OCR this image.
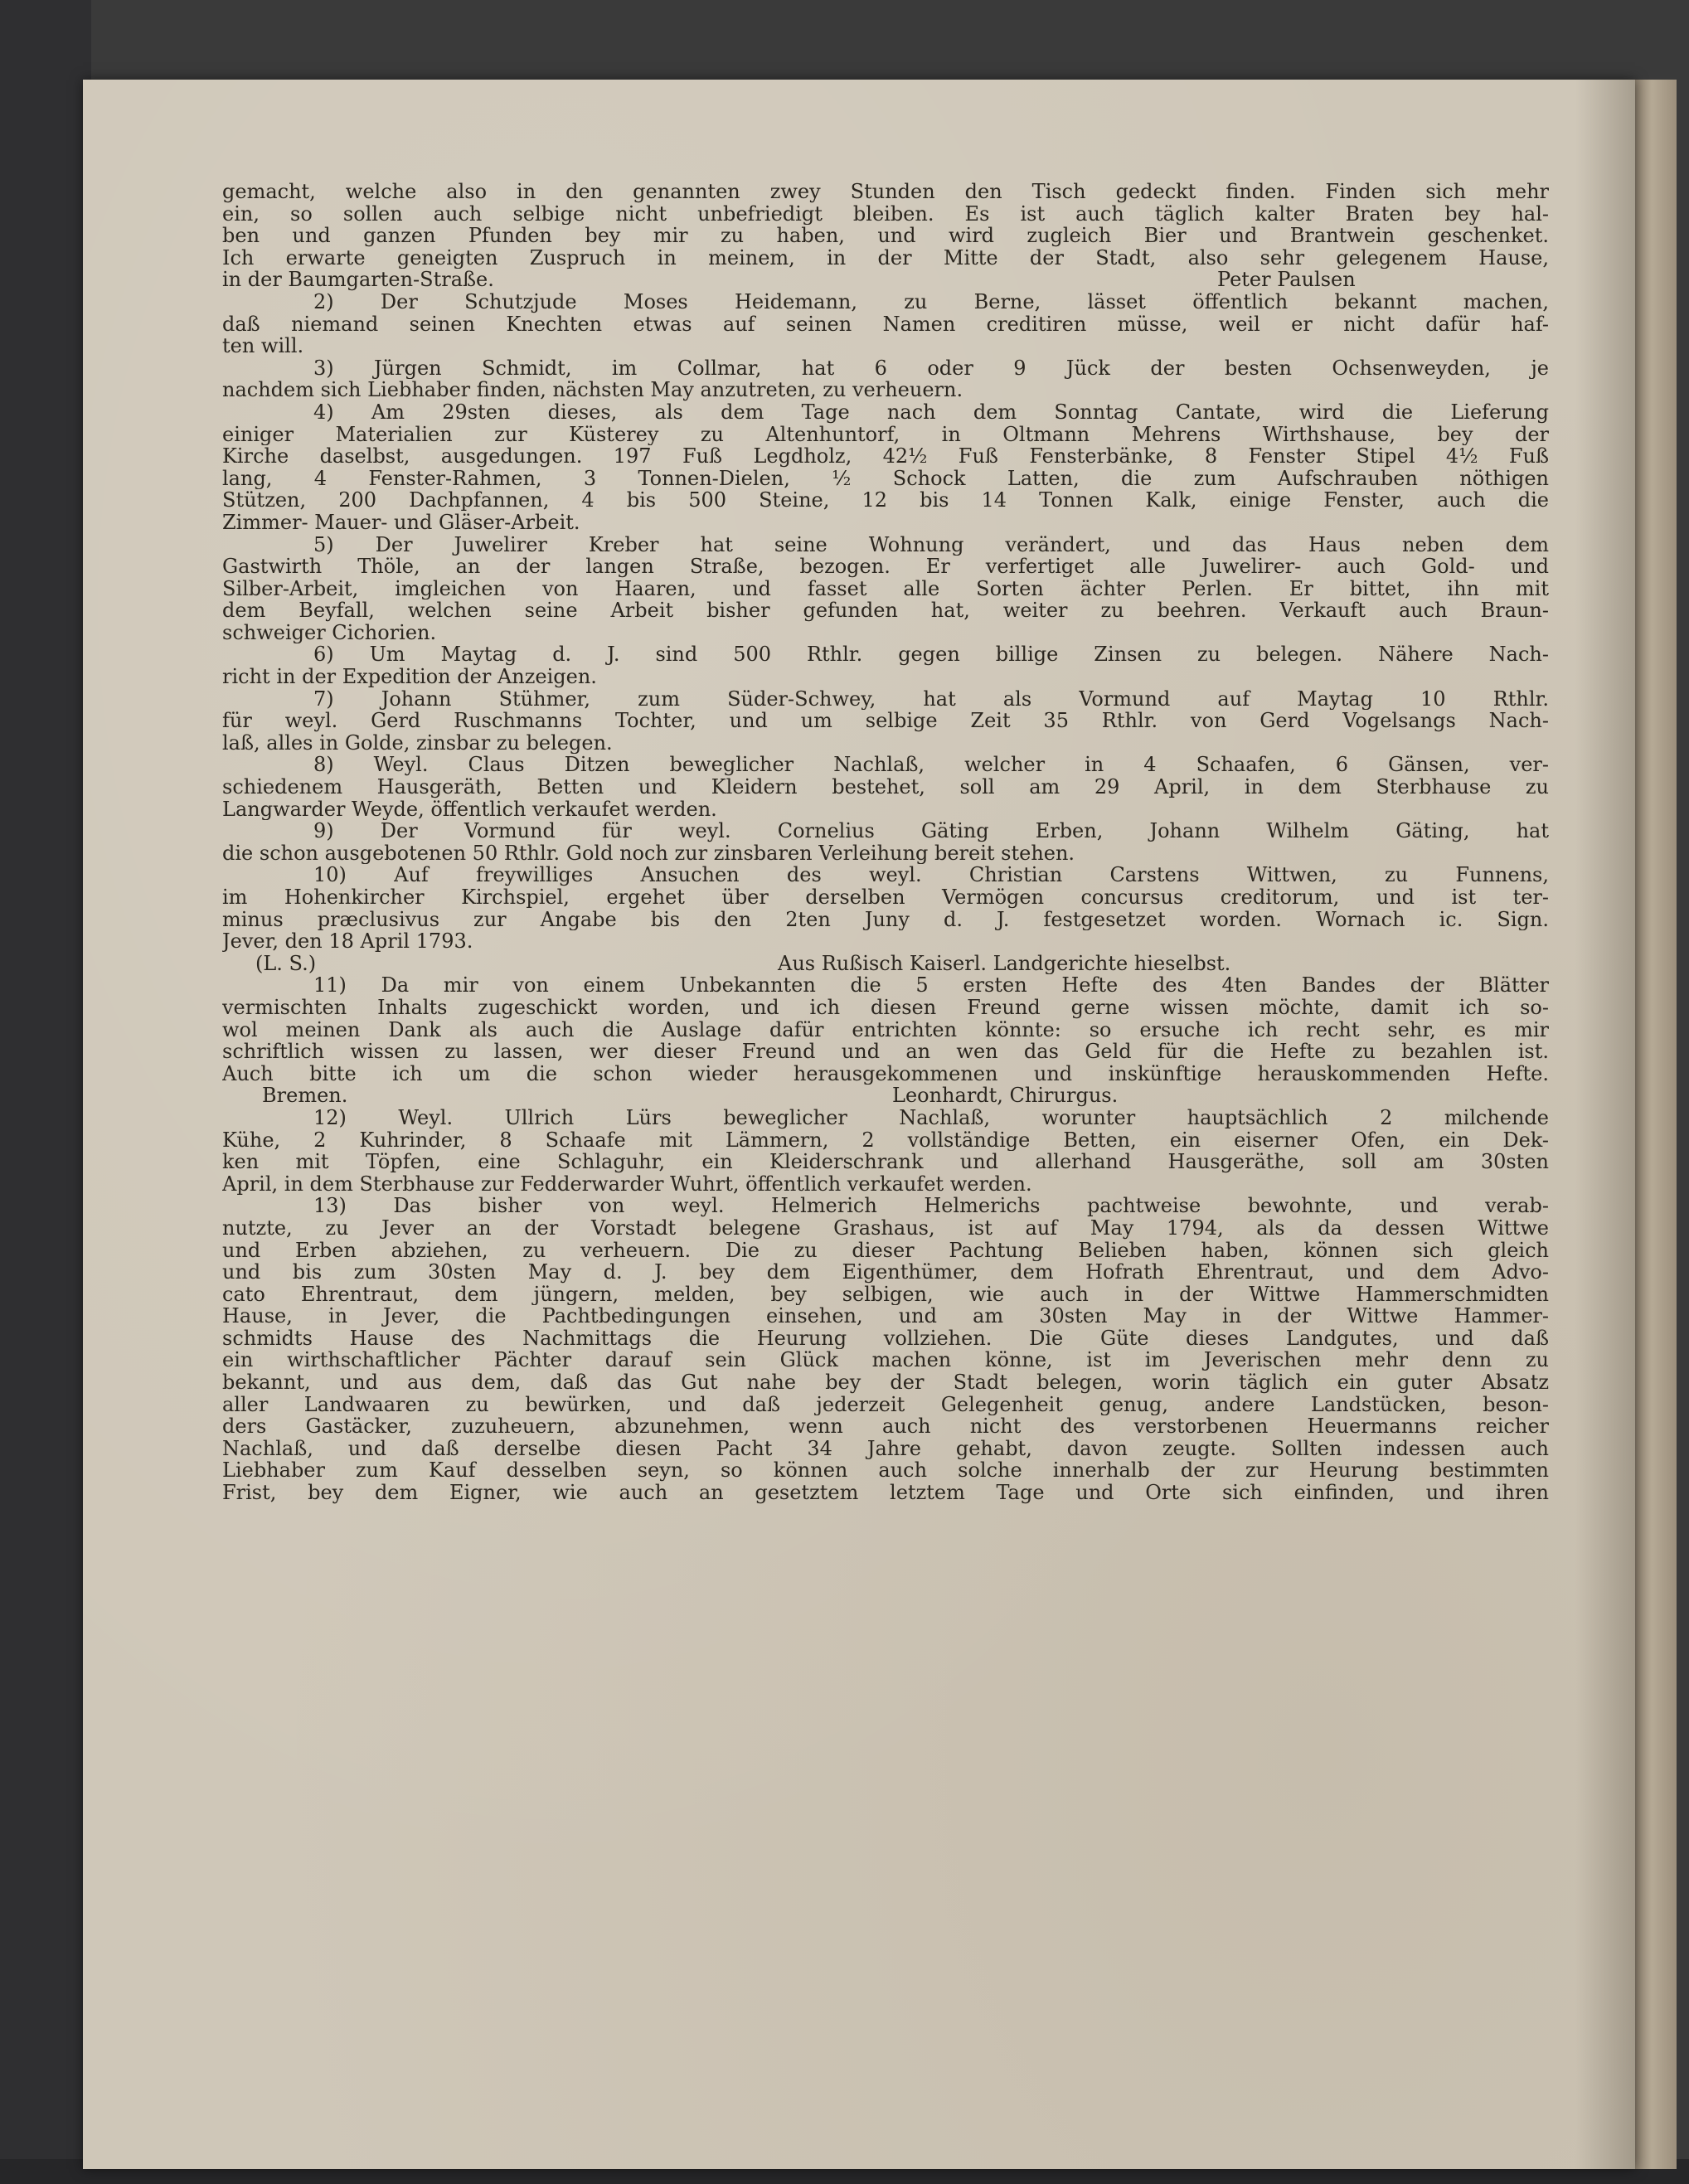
gemacht, welche also in den genannten zwey Stunden den Tisch gedeckt finden. Finden sich mehr
ein, so sollen auch selbige nicht unbefriedigt bleiben. Es ist auch täglich kalter Braten bey hal-
ben und ganzen Pfunden bey mir zu haben, und wird zugleich Bier und Brantwein geschenket.
Ich erwarte geneigten Zuspruch in meinem, in der Mitte der Stadt, also sehr gelegenem Hause,
in der Baumgarten-Straße.	Peter Paulsen
2) Der Schutzjude Moses Heidemann, zu Berne, lässet öffentlich bekannt machen,
daß niemand seinen Knechten etwas auf seinen Namen creditiren müsse, weil er nicht dafür haf-
ten will.
3) Jürgen Schmidt, im Collmar, hat 6 oder 9 Jück der besten Ochsenweyden, je
nachdem sich Liebhaber finden, nächsten May anzutreten, zu verheuern.
4) Am 29sten dieses, als dem Tage nach dem Sonntag Cantate, wird die Lieferung
einiger Materialien zur Küsterey zu Altenhuntorf, in Oltmann Mehrens Wirthshause, bey der
Kirche daselbst, ausgedungen. 197 Fuß Legdholz, 42½ Fuß Fensterbänke, 8 Fenster Stipel 4½ Fuß
lang, 4 Fenster-Rahmen, 3 Tonnen-Dielen, ½ Schock Latten, die zum Aufschrauben nöthigen
Stützen, 200 Dachpfannen, 4 bis 500 Steine, 12 bis 14 Tonnen Kalk, einige Fenster, auch die
Zimmer- Mauer- und Gläser-Arbeit.
5) Der Juwelirer Kreber hat seine Wohnung verändert, und das Haus neben dem
Gastwirth Thöle, an der langen Straße, bezogen. Er verfertiget alle Juwelirer- auch Gold- und
Silber-Arbeit, imgleichen von Haaren, und fasset alle Sorten ächter Perlen. Er bittet, ihn mit
dem Beyfall, welchen seine Arbeit bisher gefunden hat, weiter zu beehren. Verkauft auch Braun-
schweiger Cichorien.
6) Um Maytag d. J. sind 500 Rthlr. gegen billige Zinsen zu belegen. Nähere Nach-
richt in der Expedition der Anzeigen.
7) Johann Stühmer, zum Süder-Schwey, hat als Vormund auf Maytag 10 Rthlr.
für weyl. Gerd Ruschmanns Tochter, und um selbige Zeit 35 Rthlr. von Gerd Vogelsangs Nach-
laß, alles in Golde, zinsbar zu belegen.
8) Weyl. Claus Ditzen beweglicher Nachlaß, welcher in 4 Schaafen, 6 Gänsen, ver-
schiedenem Hausgeräth, Betten und Kleidern bestehet, soll am 29 April, in dem Sterbhause zu
Langwarder Weyde, öffentlich verkaufet werden.
9) Der Vormund für weyl. Cornelius Gäting Erben, Johann Wilhelm Gäting, hat
die schon ausgebotenen 50 Rthlr. Gold noch zur zinsbaren Verleihung bereit stehen.
10) Auf freywilliges Ansuchen des weyl. Christian Carstens Wittwen, zu Funnens,
im Hohenkircher Kirchspiel, ergehet über derselben Vermögen concursus creditorum, und ist ter-
minus præclusivus zur Angabe bis den 2ten Juny d. J. festgesetzet worden. Wornach ic. Sign.
Jever, den 18 April 1793.
(L. S.)	Aus Rußisch Kaiserl. Landgerichte hieselbst.
11) Da mir von einem Unbekannten die 5 ersten Hefte des 4ten Bandes der Blätter
vermischten Inhalts zugeschickt worden, und ich diesen Freund gerne wissen möchte, damit ich so-
wol meinen Dank als auch die Auslage dafür entrichten könnte: so ersuche ich recht sehr, es mir
schriftlich wissen zu lassen, wer dieser Freund und an wen das Geld für die Hefte zu bezahlen ist.
Auch bitte ich um die schon wieder herausgekommenen und inskünftige herauskommenden Hefte.
Bremen.	Leonhardt, Chirurgus.
12) Weyl. Ullrich Lürs beweglicher Nachlaß, worunter hauptsächlich 2 milchende
Kühe, 2 Kuhrinder, 8 Schaafe mit Lämmern, 2 vollständige Betten, ein eiserner Ofen, ein Dek-
ken mit Töpfen, eine Schlaguhr, ein Kleiderschrank und allerhand Hausgeräthe, soll am 30sten
April, in dem Sterbhause zur Fedderwarder Wuhrt, öffentlich verkaufet werden.
13) Das bisher von weyl. Helmerich Helmerichs pachtweise bewohnte, und verab-
nutzte, zu Jever an der Vorstadt belegene Grashaus, ist auf May 1794, als da dessen Wittwe
und Erben abziehen, zu verheuern. Die zu dieser Pachtung Belieben haben, können sich gleich
und bis zum 30sten May d. J. bey dem Eigenthümer, dem Hofrath Ehrentraut, und dem Advo-
cato Ehrentraut, dem jüngern, melden, bey selbigen, wie auch in der Wittwe Hammerschmidten
Hause, in Jever, die Pachtbedingungen einsehen, und am 30sten May in der Wittwe Hammer-
schmidts Hause des Nachmittags die Heurung vollziehen. Die Güte dieses Landgutes, und daß
ein wirthschaftlicher Pächter darauf sein Glück machen könne, ist im Jeverischen mehr denn zu
bekannt, und aus dem, daß das Gut nahe bey der Stadt belegen, worin täglich ein guter Absatz
aller Landwaaren zu bewürken, und daß jederzeit Gelegenheit genug, andere Landstücken, beson-
ders Gastäcker, zuzuheuern, abzunehmen, wenn auch nicht des verstorbenen Heuermanns reicher
Nachlaß, und daß derselbe diesen Pacht 34 Jahre gehabt, davon zeugte. Sollten indessen auch
Liebhaber zum Kauf desselben seyn, so können auch solche innerhalb der zur Heurung bestimmten
Frist, bey dem Eigner, wie auch an gesetztem letztem Tage und Orte sich einfinden, und ihren
